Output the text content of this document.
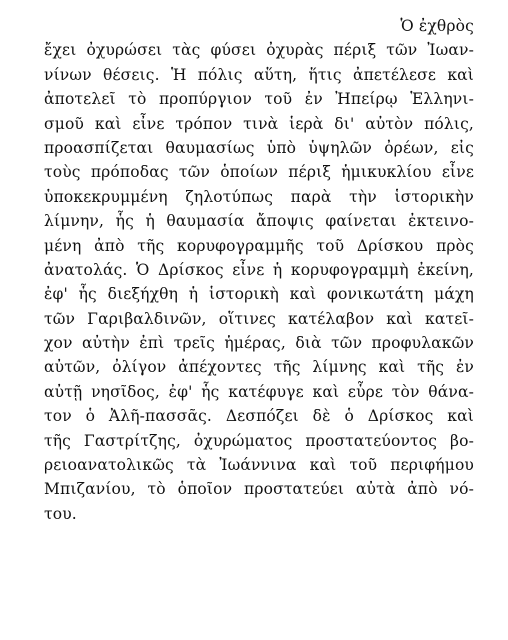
Ὁ ἐχθρὸς
ἔχει ὀχυρώσει τὰς φύσει ὀχυρὰς πέριξ τῶν Ἰωαν-
νίνων θέσεις. Ἡ πόλις αὕτη, ἥτις ἀπετέλεσε καὶ
ἀποτελεῖ τὸ προπύργιον τοῦ ἐν Ἠπείρῳ Ἑλληνι-
σμοῦ καὶ εἶνε τρόπον τινὰ ἱερὰ δι' αὐτὸν πόλις,
προασπίζεται θαυμασίως ὑπὸ ὑψηλῶν ὀρέων, εἰς
τοὺς πρόποδας τῶν ὁποίων πέριξ ἡμικυκλίου εἶνε
ὑποκεκρυμμένη ζηλοτύπως παρὰ τὴν ἱστορικὴν
λίμνην, ἧς ἡ θαυμασία ἄποψις φαίνεται ἐκτεινο-
μένη ἀπὸ τῆς κορυφογραμμῆς τοῦ Δρίσκου πρὸς
ἀνατολάς. Ὁ Δρίσκος εἶνε ἡ κορυφογραμμὴ ἐκείνη,
ἐφ' ἧς διεξήχθη ἡ ἱστορικὴ καὶ φονικωτάτη μάχη
τῶν Γαριβαλδινῶν, οἵτινες κατέλαβον καὶ κατεῖ-
χον αὐτὴν ἐπὶ τρεῖς ἡμέρας, διὰ τῶν προφυλακῶν
αὐτῶν, ὀλίγον ἀπέχοντες τῆς λίμνης καὶ τῆς ἐν
αὐτῇ νησῖδος, ἐφ' ἧς κατέφυγε καὶ εὗρε τὸν θάνα-
τον ὁ Ἀλῆ-πασσᾶς. Δεσπόζει δὲ ὁ Δρίσκος καὶ
τῆς Γαστρίτζης, ὀχυρώματος προστατεύοντος βο-
ρειοανατολικῶς τὰ Ἰωάννινα καὶ τοῦ περιφήμου
Μπιζανίου, τὸ ὁποῖον προστατεύει αὐτὰ ἀπὸ νό-
του.
